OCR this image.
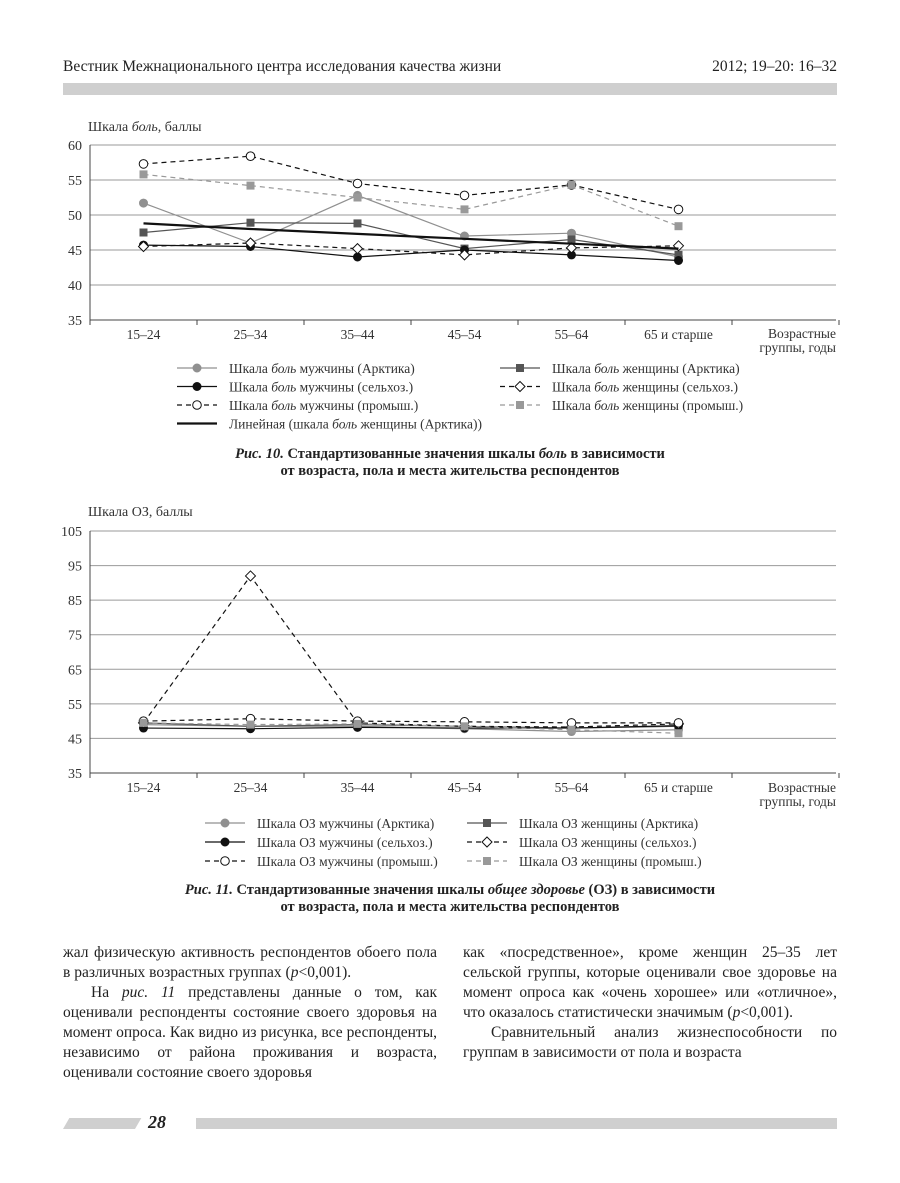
Вестник Межнационального центра исследования качества жизни	2012; 19–20: 16–32
Шкала боль, баллы
Возрастные
группы, годы
35
40
45
50
55
60
15–24	25–34	35–44	45–54	55–64	65 и старше
Шкала боль мужчины (Арктика)	Шкала боль женщины (Арктика)
Шкала боль мужчины (сельхоз.)	Шкала боль женщины (сельхоз.)
Шкала боль мужчины (промыш.)	Шкала боль женщины (промыш.)
Линейная (шкала боль женщины (Арктика))
Рис. 10. Стандартизованные значения шкалы боль в зависимости
от возраста, пола и места жительства респондентов
Шкала ОЗ, баллы
Возрастные
группы, годы
35
45
55
65
75
85
95
105
15–24	25–34	35–44	45–54	55–64	65 и старше
Шкала ОЗ мужчины (Арктика)	Шкала ОЗ женщины (Арктика)
Шкала ОЗ мужчины (сельхоз.)	Шкала ОЗ женщины (сельхоз.)
Шкала ОЗ мужчины (промыш.)	Шкала ОЗ женщины (промыш.)
Рис. 11. Стандартизованные значения шкалы общее здоровье (ОЗ) в зависимости
от возраста, пола и места жительства респондентов

жал физическую активность респондентов обоего пола в различных возрастных группах (р<0,001).

На рис. 11 представлены данные о том, как оценивали респонденты состояние своего здоровья на момент опроса. Как видно из рисунка, все респонденты, независимо от района проживания и возраста, оценивали состояние своего здоровья

как «посредственное», кроме женщин 25–35 лет сельской группы, которые оценивали свое здоровье на момент опроса как «очень хорошее» или «отличное», что оказалось статистически значимым (р<0,001).

Сравнительный анализ жизнеспособности по группам в зависимости от пола и возраста

28
